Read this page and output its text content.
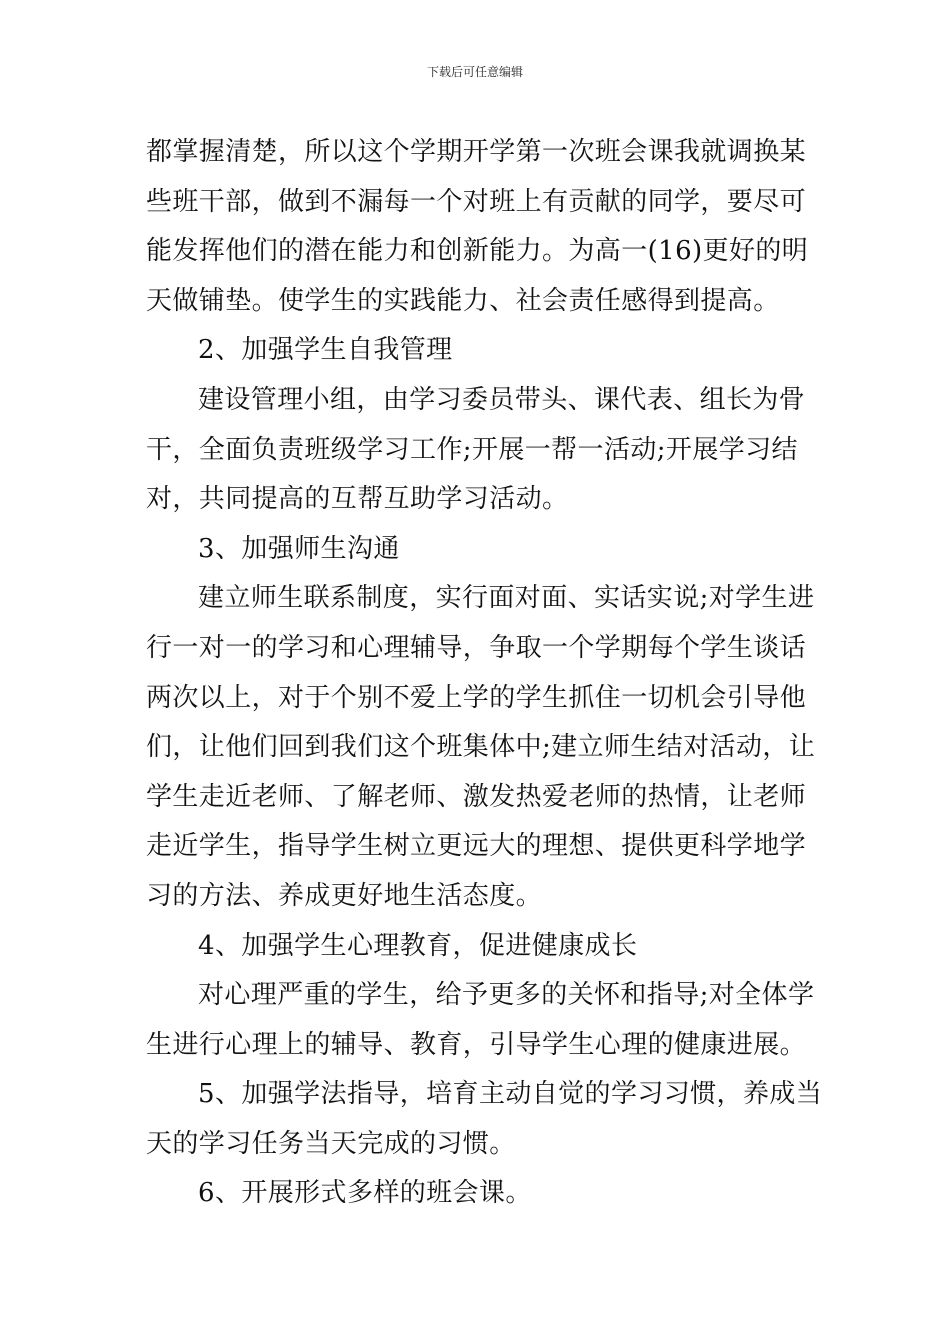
下载后可任意编辑
都掌握清楚，所以这个学期开学第一次班会课我就调换某
些班干部，做到不漏每一个对班上有贡献的同学，要尽可
能发挥他们的潜在能力和创新能力。为高一(16)更好的明
天做铺垫。使学生的实践能力、社会责任感得到提高。
2、加强学生自我管理
建设管理小组，由学习委员带头、课代表、组长为骨
干，全面负责班级学习工作;开展一帮一活动;开展学习结
对，共同提高的互帮互助学习活动。
3、加强师生沟通
建立师生联系制度，实行面对面、实话实说;对学生进
行一对一的学习和心理辅导，争取一个学期每个学生谈话
两次以上，对于个别不爱上学的学生抓住一切机会引导他
们，让他们回到我们这个班集体中;建立师生结对活动，让
学生走近老师、了解老师、激发热爱老师的热情，让老师
走近学生，指导学生树立更远大的理想、提供更科学地学
习的方法、养成更好地生活态度。
4、加强学生心理教育，促进健康成长
对心理严重的学生，给予更多的关怀和指导;对全体学
生进行心理上的辅导、教育，引导学生心理的健康进展。
5、加强学法指导，培育主动自觉的学习习惯，养成当
天的学习任务当天完成的习惯。
6、开展形式多样的班会课。
